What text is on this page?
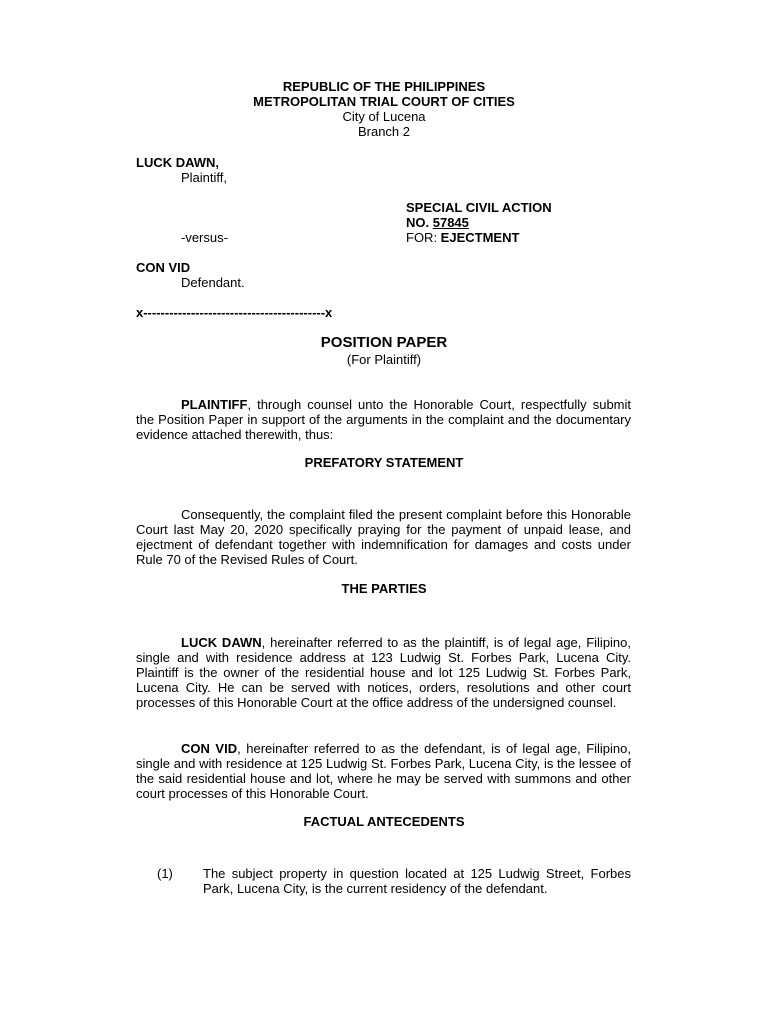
REPUBLIC OF THE PHILIPPINES
METROPOLITAN TRIAL COURT OF CITIES
City of Lucena
Branch 2
LUCK DAWN,
Plaintiff,
SPECIAL CIVIL ACTION
NO. 57845
-versus-	FOR: EJECTMENT
CON VID
Defendant.
x------------------------------------------x
POSITION PAPER
(For Plaintiff)
PLAINTIFF, through counsel unto the Honorable Court, respectfully submit the Position Paper in support of the arguments in the complaint and the documentary evidence attached therewith, thus:
PREFATORY STATEMENT
Consequently, the complaint filed the present complaint before this Honorable Court last May 20, 2020 specifically praying for the payment of unpaid lease, and ejectment of defendant together with indemnification for damages and costs under Rule 70 of the Revised Rules of Court.
THE PARTIES
LUCK DAWN, hereinafter referred to as the plaintiff, is of legal age, Filipino, single and with residence address at 123 Ludwig St. Forbes Park, Lucena City. Plaintiff is the owner of the residential house and lot 125 Ludwig St. Forbes Park, Lucena City. He can be served with notices, orders, resolutions and other court processes of this Honorable Court at the office address of the undersigned counsel.
CON VID, hereinafter referred to as the defendant, is of legal age, Filipino, single and with residence at 125 Ludwig St. Forbes Park, Lucena City, is the lessee of the said residential house and lot, where he may be served with summons and other court processes of this Honorable Court.
FACTUAL ANTECEDENTS
(1) The subject property in question located at 125 Ludwig Street, Forbes Park, Lucena City, is the current residency of the defendant.
